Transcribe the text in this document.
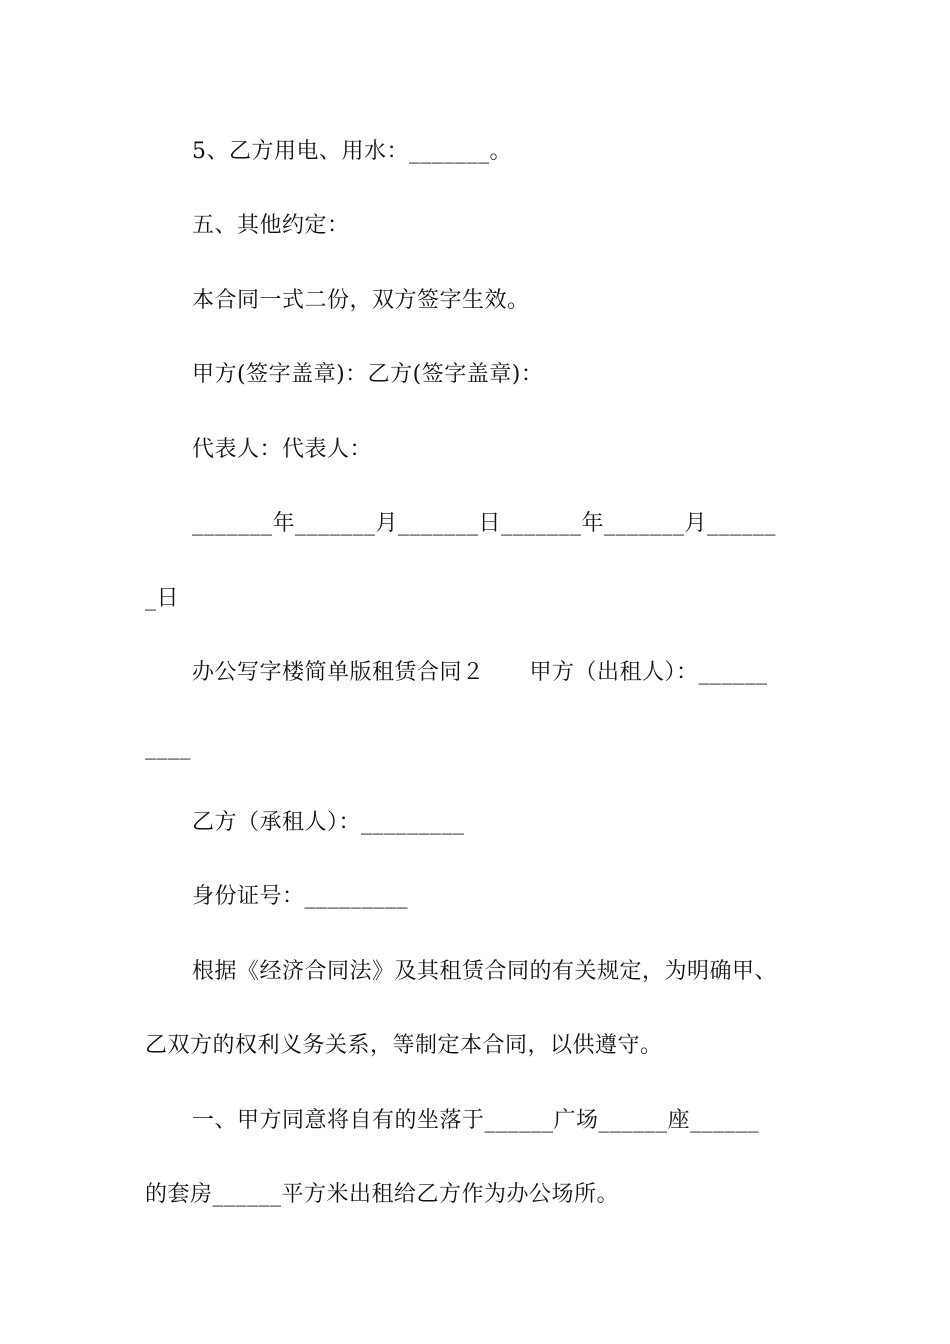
5、乙方用电、用水：_______。
五、其他约定：
本合同一式二份，双方签字生效。
甲方(签字盖章)：乙方(签字盖章)：
代表人：代表人：
_______年_______月_______日_______年_______月______
_日
办公写字楼简单版租赁合同２　　甲方（出租人）：______
____
乙方（承租人）：_________
身份证号：_________
根据《经济合同法》及其租赁合同的有关规定，为明确甲、
乙双方的权利义务关系，等制定本合同，以供遵守。
一、甲方同意将自有的坐落于______广场______座______
的套房______平方米出租给乙方作为办公场所。
